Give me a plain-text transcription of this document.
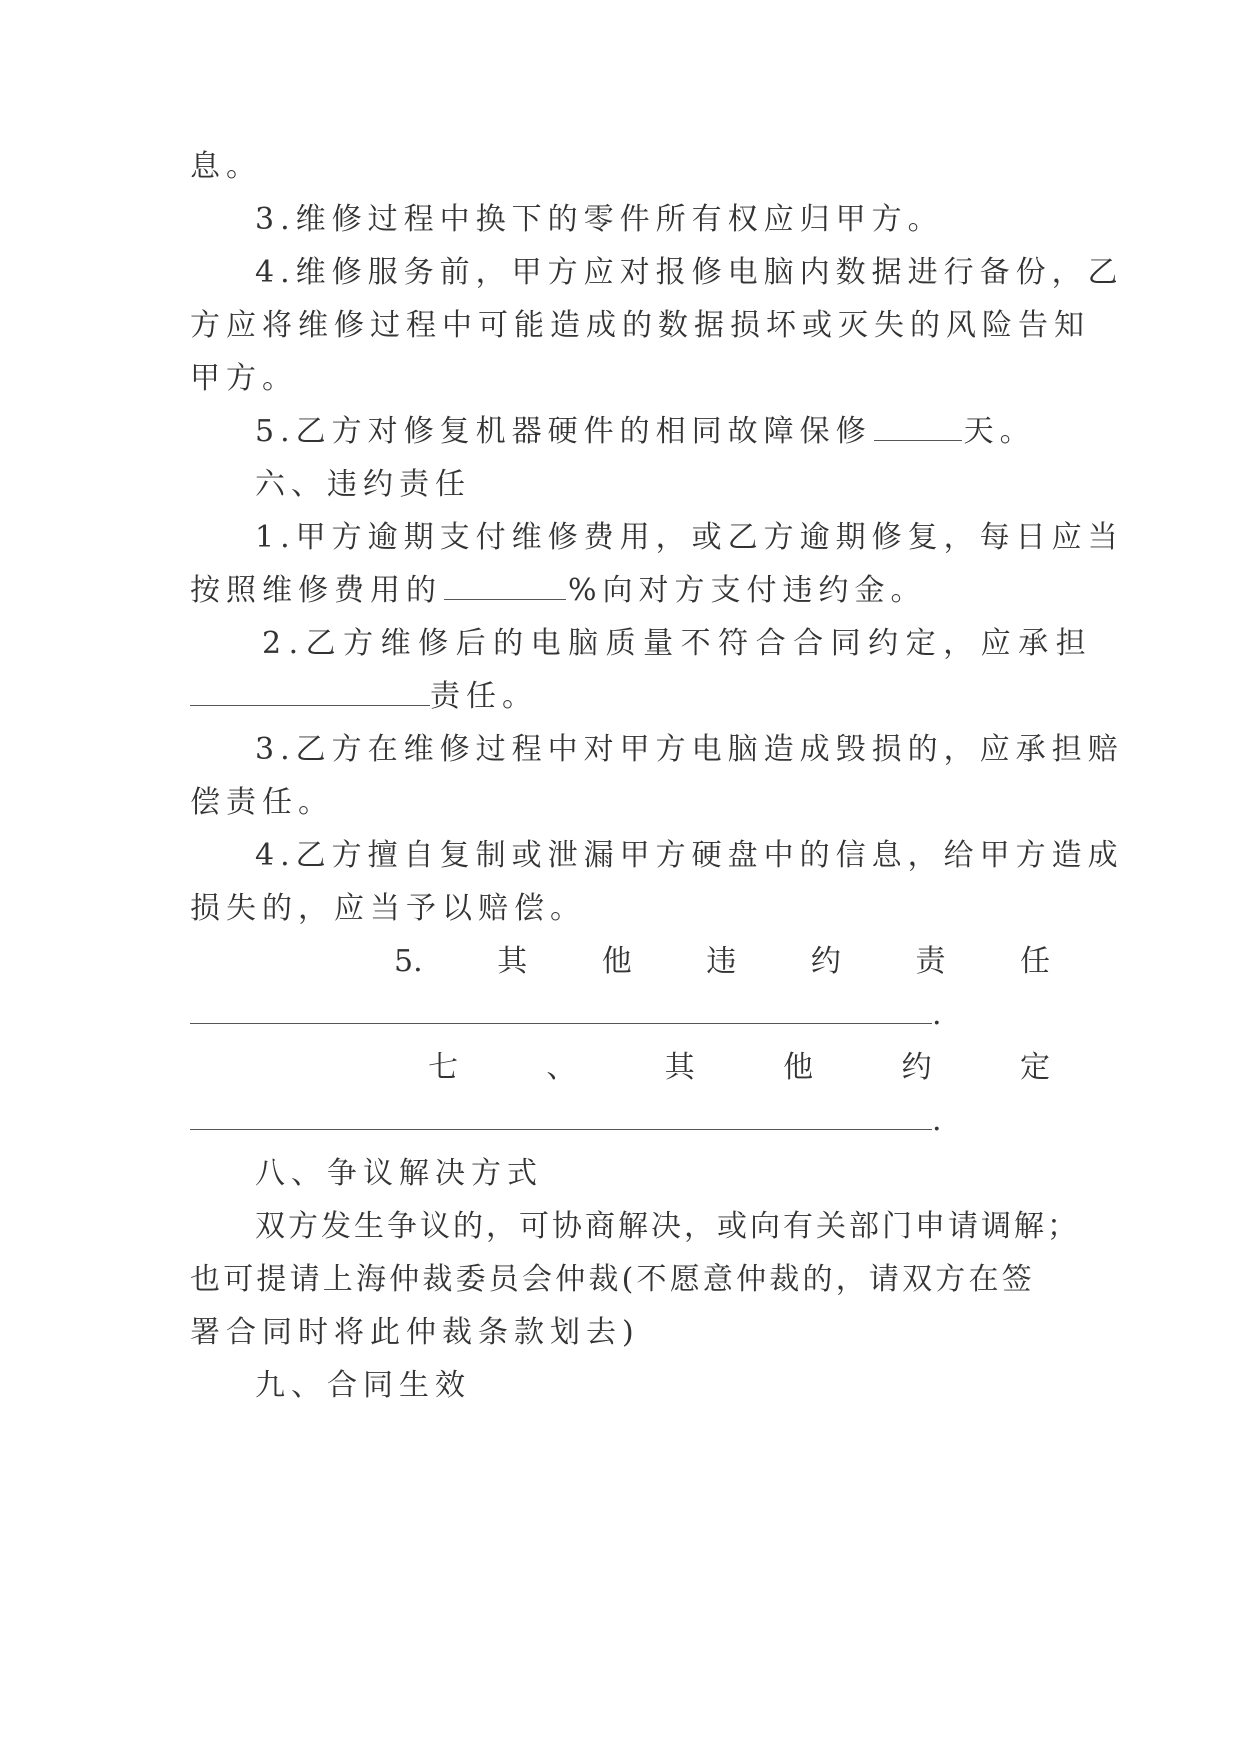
息。
3.维修过程中换下的零件所有权应归甲方。
4.维修服务前，甲方应对报修电脑内数据进行备份，乙
方应将维修过程中可能造成的数据损坏或灭失的风险告知
甲方。
5.乙方对修复机器硬件的相同故障保修	天。
六、违约责任
1.甲方逾期支付维修费用，或乙方逾期修复，每日应当
按照维修费用的	%向对方支付违约金。
2.乙方维修后的电脑质量不符合合同约定，应承担
责任。
3.乙方在维修过程中对甲方电脑造成毁损的，应承担赔
偿责任。
4.乙方擅自复制或泄漏甲方硬盘中的信息，给甲方造成
损失的，应当予以赔偿。
5. 其 他 违 约 责 任
.
七	、	其	他	约	定
.
八、争议解决方式
双方发生争议的，可协商解决，或向有关部门申请调解；
也可提请上海仲裁委员会仲裁(不愿意仲裁的，请双方在签
署合同时将此仲裁条款划去)
九、合同生效
